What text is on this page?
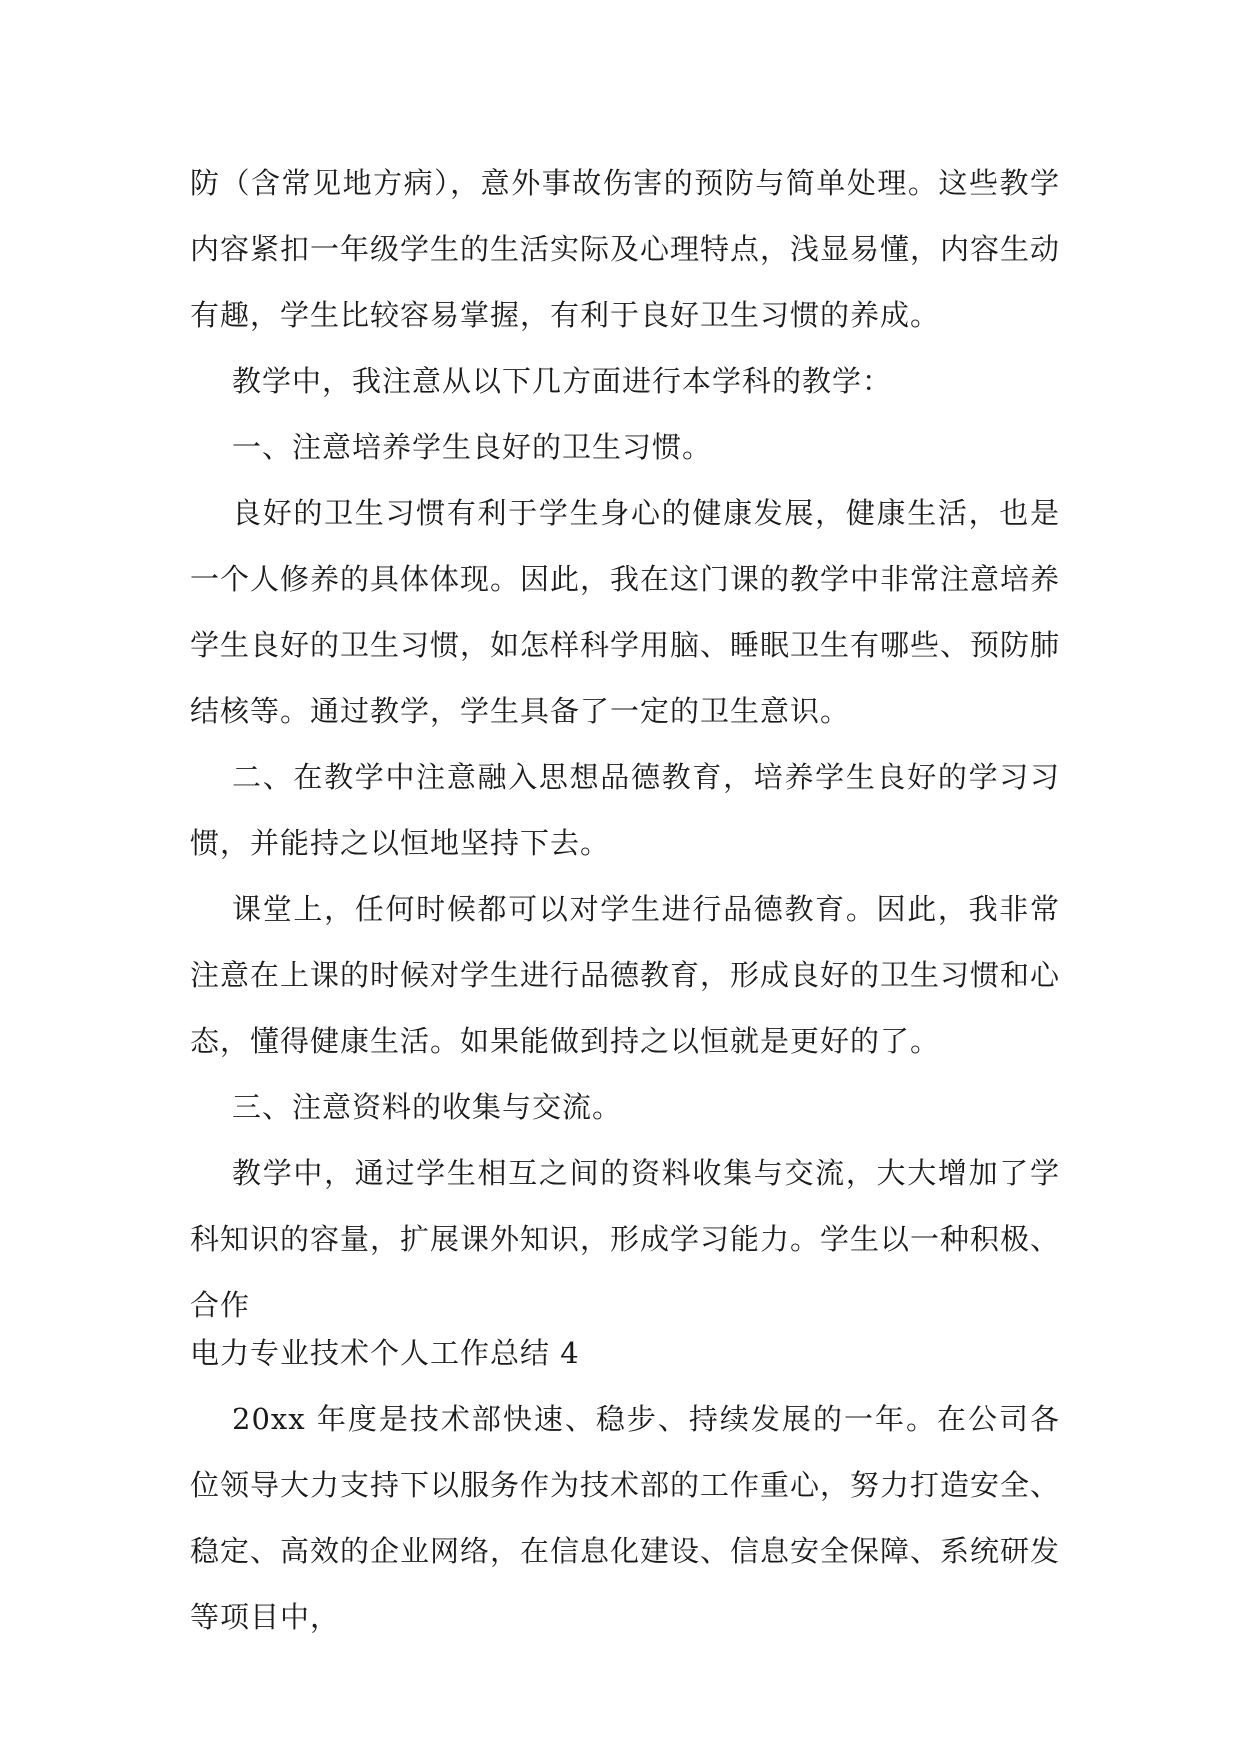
防（含常见地方病），意外事故伤害的预防与简单处理。这些教学内容紧扣一年级学生的生活实际及心理特点，浅显易懂，内容生动有趣，学生比较容易掌握，有利于良好卫生习惯的养成。

教学中，我注意从以下几方面进行本学科的教学：

一、注意培养学生良好的卫生习惯。

良好的卫生习惯有利于学生身心的健康发展，健康生活，也是一个人修养的具体体现。因此，我在这门课的教学中非常注意培养学生良好的卫生习惯，如怎样科学用脑、睡眠卫生有哪些、预防肺结核等。通过教学，学生具备了一定的卫生意识。

二、在教学中注意融入思想品德教育，培养学生良好的学习习惯，并能持之以恒地坚持下去。

课堂上，任何时候都可以对学生进行品德教育。因此，我非常注意在上课的时候对学生进行品德教育，形成良好的卫生习惯和心态，懂得健康生活。如果能做到持之以恒就是更好的了。

三、注意资料的收集与交流。

教学中，通过学生相互之间的资料收集与交流，大大增加了学科知识的容量，扩展课外知识，形成学习能力。学生以一种积极、合作

电力专业技术个人工作总结 4

20xx 年度是技术部快速、稳步、持续发展的一年。在公司各位领导大力支持下以服务作为技术部的工作重心，努力打造安全、稳定、高效的企业网络，在信息化建设、信息安全保障、系统研发等项目中，
